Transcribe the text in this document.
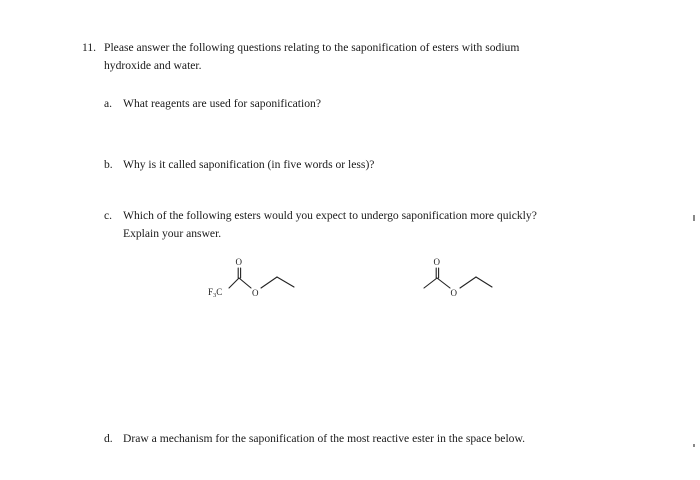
11. Please answer the following questions relating to the saponification of esters with sodium
hydroxide and water.
a. What reagents are used for saponification?
b. Why is it called saponification (in five words or less)?
c. Which of the following esters would you expect to undergo saponification more quickly?
Explain your answer.
$F_3C$
O
O
O
O
d. Draw a mechanism for the saponification of the most reactive ester in the space below.
